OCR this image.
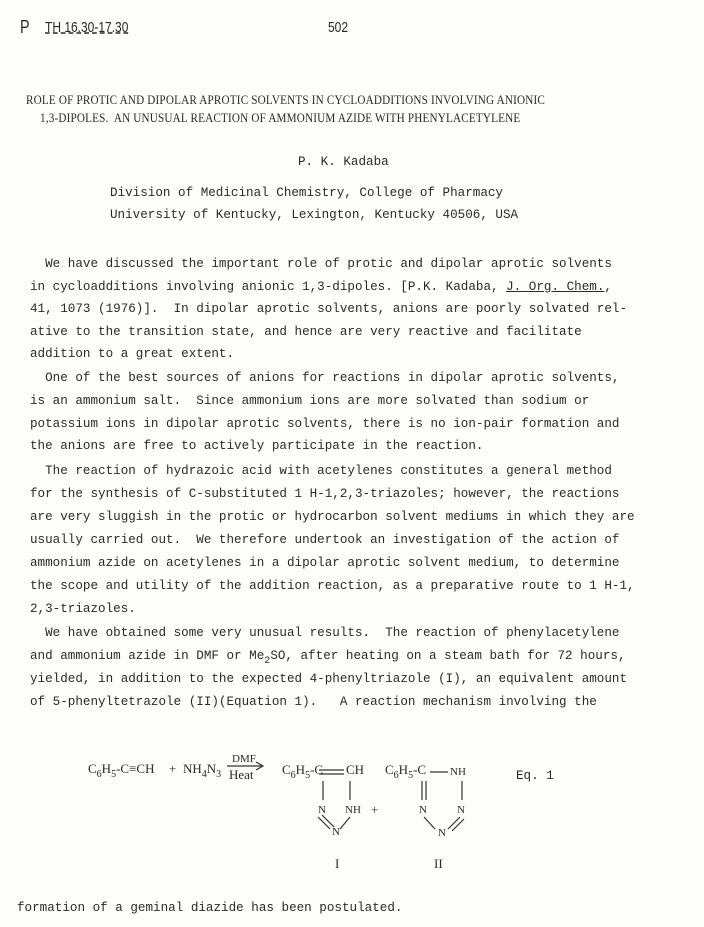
P TH 16.30-17.30	502
ROLE OF PROTIC AND DIPOLAR APROTIC SOLVENTS IN CYCLOADDITIONS INVOLVING ANIONIC
1,3-DIPOLES.  AN UNUSUAL REACTION OF AMMONIUM AZIDE WITH PHENYLACETYLENE
P. K. Kadaba
Division of Medicinal Chemistry, College of Pharmacy
University of Kentucky, Lexington, Kentucky 40506, USA
We have discussed the important role of protic and dipolar aprotic solvents
in cycloadditions involving anionic 1,3-dipoles. [P.K. Kadaba, J. Org. Chem.,
41, 1073 (1976)].  In dipolar aprotic solvents, anions are poorly solvated rel-
ative to the transition state, and hence are very reactive and facilitate
addition to a great extent.
One of the best sources of anions for reactions in dipolar aprotic solvents,
is an ammonium salt.  Since ammonium ions are more solvated than sodium or
potassium ions in dipolar aprotic solvents, there is no ion-pair formation and
the anions are free to actively participate in the reaction.
The reaction of hydrazoic acid with acetylenes constitutes a general method
for the synthesis of C-substituted 1 H-1,2,3-triazoles; however, the reactions
are very sluggish in the protic or hydrocarbon solvent mediums in which they are
usually carried out.  We therefore undertook an investigation of the action of
ammonium azide on acetylenes in a dipolar aprotic solvent medium, to determine
the scope and utility of the addition reaction, as a preparative route to 1 H-1,
2,3-triazoles.
We have obtained some very unusual results.  The reaction of phenylacetylene
and ammonium azide in DMF or $Me_2SO$, after heating on a steam bath for 72 hours,
yielded, in addition to the expected 4-phenyltriazole (I), an equivalent amount
of 5-phenyltetrazole (II)(Equation 1).   A reaction mechanism involving the
$C_6H_5-C\equiv CH + NH_4N_3$
DMF
Heat $C_6H_5-C$ CH
N NH +
N
$C_6H_5-C$ NH
N	N
N
Eq. 1
I	II
formation of a geminal diazide has been postulated.
